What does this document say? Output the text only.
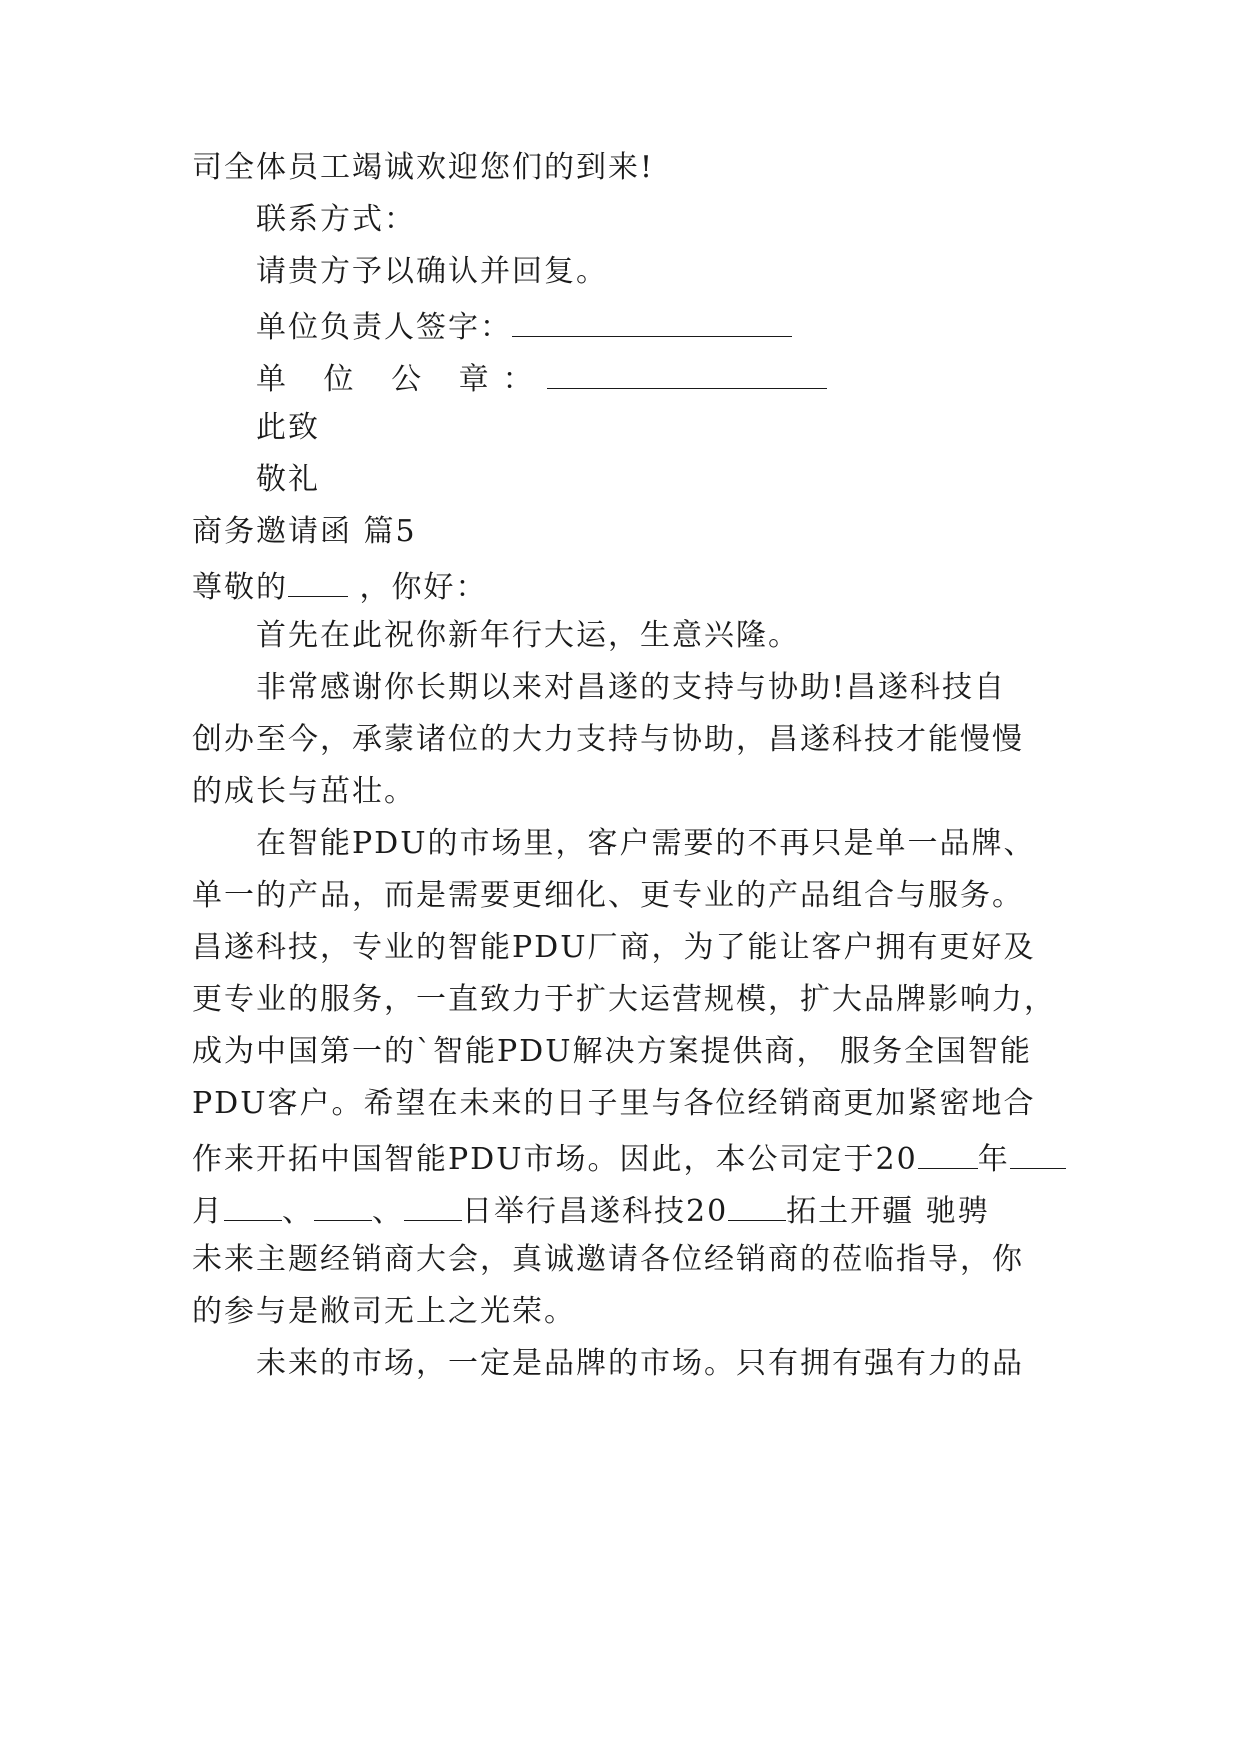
司全体员工竭诚欢迎您们的到来!
联系方式：
请贵方予以确认并回复。
单位负责人签字：
单 位 公 章：
此致
敬礼
商务邀请函 篇5
尊敬的 ，你好：
首先在此祝你新年行大运，生意兴隆。
非常感谢你长期以来对昌遂的支持与协助!昌遂科技自
创办至今，承蒙诸位的大力支持与协助，昌遂科技才能慢慢
的成长与茁壮。
在智能PDU的市场里，客户需要的不再只是单一品牌、
单一的产品，而是需要更细化、更专业的产品组合与服务。
昌遂科技，专业的智能PDU厂商，为了能让客户拥有更好及
更专业的服务，一直致力于扩大运营规模，扩大品牌影响力，
成为中国第一的`智能PDU解决方案提供商， 服务全国智能
PDU客户。希望在未来的日子里与各位经销商更加紧密地合
作来开拓中国智能PDU市场。因此，本公司定于20 年
月 、 、 日举行昌遂科技20 拓土开疆 驰骋
未来主题经销商大会，真诚邀请各位经销商的莅临指导，你
的参与是敝司无上之光荣。
未来的市场，一定是品牌的市场。只有拥有强有力的品
